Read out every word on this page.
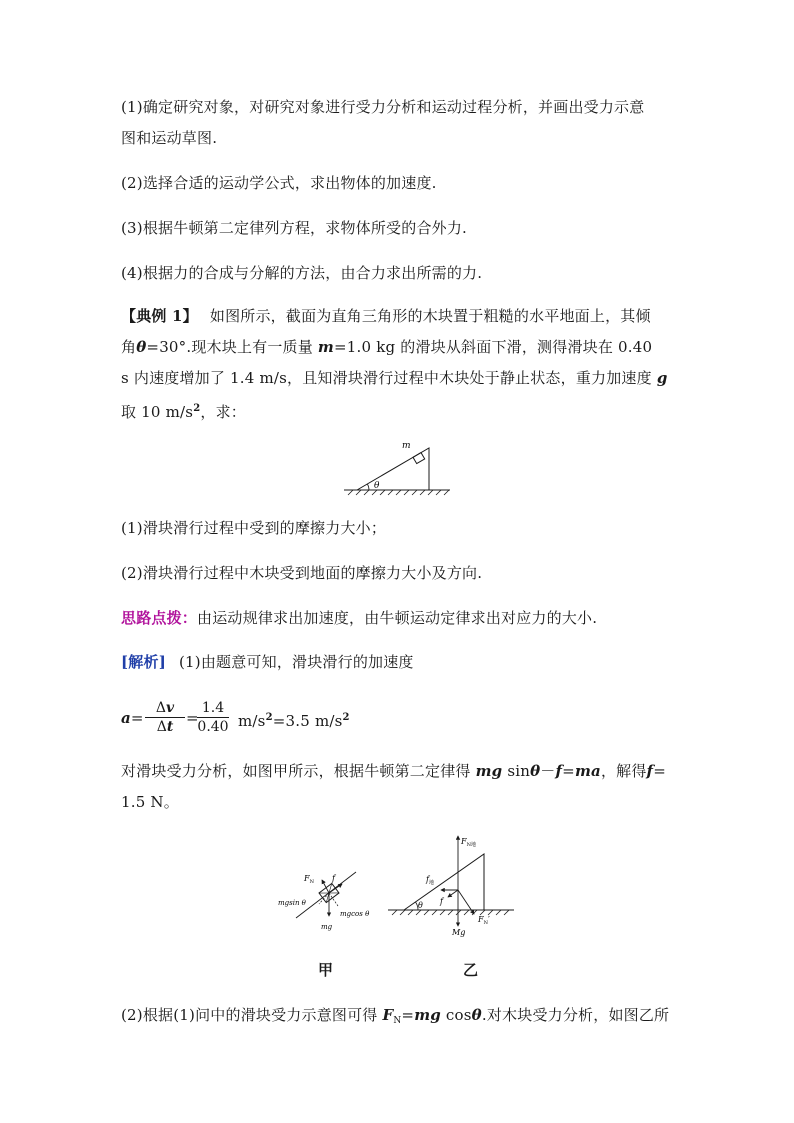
(1)确定研究对象，对研究对象进行受力分析和运动过程分析，并画出受力示意
图和运动草图.
(2)选择合适的运动学公式，求出物体的加速度.
(3)根据牛顿第二定律列方程，求物体所受的合外力.
(4)根据力的合成与分解的方法，由合力求出所需的力.
【典例 1】 如图所示，截面为直角三角形的木块置于粗糙的水平地面上，其倾
角θ=30°.现木块上有一质量 m=1.0 kg 的滑块从斜面下滑，测得滑块在 0.40
s 内速度增加了 1.4 m/s，且知滑块滑行过程中木块处于静止状态，重力加速度 g
取 10 $m/s^2$，求：
θ
m
(1)滑块滑行过程中受到的摩擦力大小；
(2)滑块滑行过程中木块受到地面的摩擦力大小及方向.
思路点拨：由运动规律求出加速度，由牛顿运动定律求出对应力的大小.
[解析] (1)由题意可知，滑块滑行的加速度
$a= \frac{\Delta v}{\Delta t}$ =
$\frac{1.4}{0.40} m/s^2=3.5$ $m/s^2$
对滑块受力分析，如图甲所示，根据牛顿第二定律得 mg sinθ－f=ma，解得f=
1.5 N。
$F_N$ f
mgsin θ
mgcos θ
mg
$F_{N地}$
$f_地$
θ f
$F_N'$
Mg
甲	乙
(2)根据(1)问中的滑块受力示意图可得 $F_N=mg$ cosθ.对木块受力分析，如图乙所
